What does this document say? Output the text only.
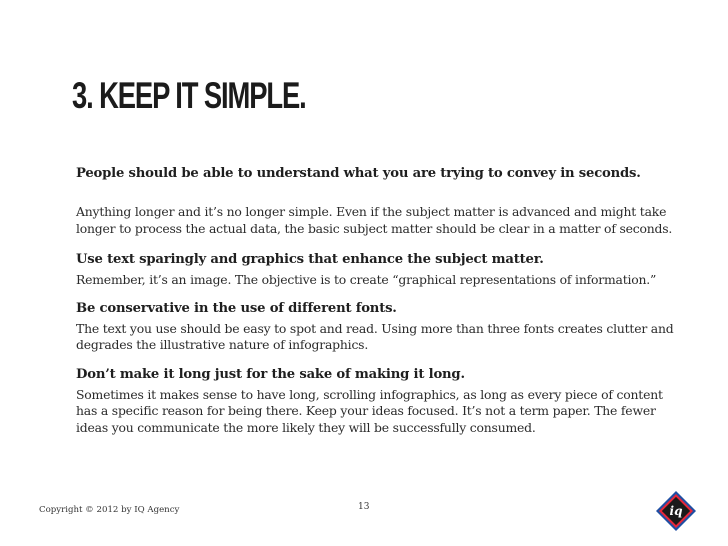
3. KEEP IT SIMPLE.

People should be able to understand what you are trying to convey in seconds.

Anything longer and it’s no longer simple. Even if the subject matter is advanced and might take longer to process the actual data, the basic subject matter should be clear in a matter of seconds.

Use text sparingly and graphics that enhance the subject matter.

Remember, it’s an image. The objective is to create “graphical representations of information.”

Be conservative in the use of different fonts.

The text you use should be easy to spot and read. Using more than three fonts creates clutter and degrades the illustrative nature of infographics.

Don’t make it long just for the sake of making it long.

Sometimes it makes sense to have long, scrolling infographics, as long as every piece of content has a specific reason for being there. Keep your ideas focused. It’s not a term paper. The fewer ideas you communicate the more likely they will be successfully consumed.

Copyright © 2012 by IQ Agency	13	iq
